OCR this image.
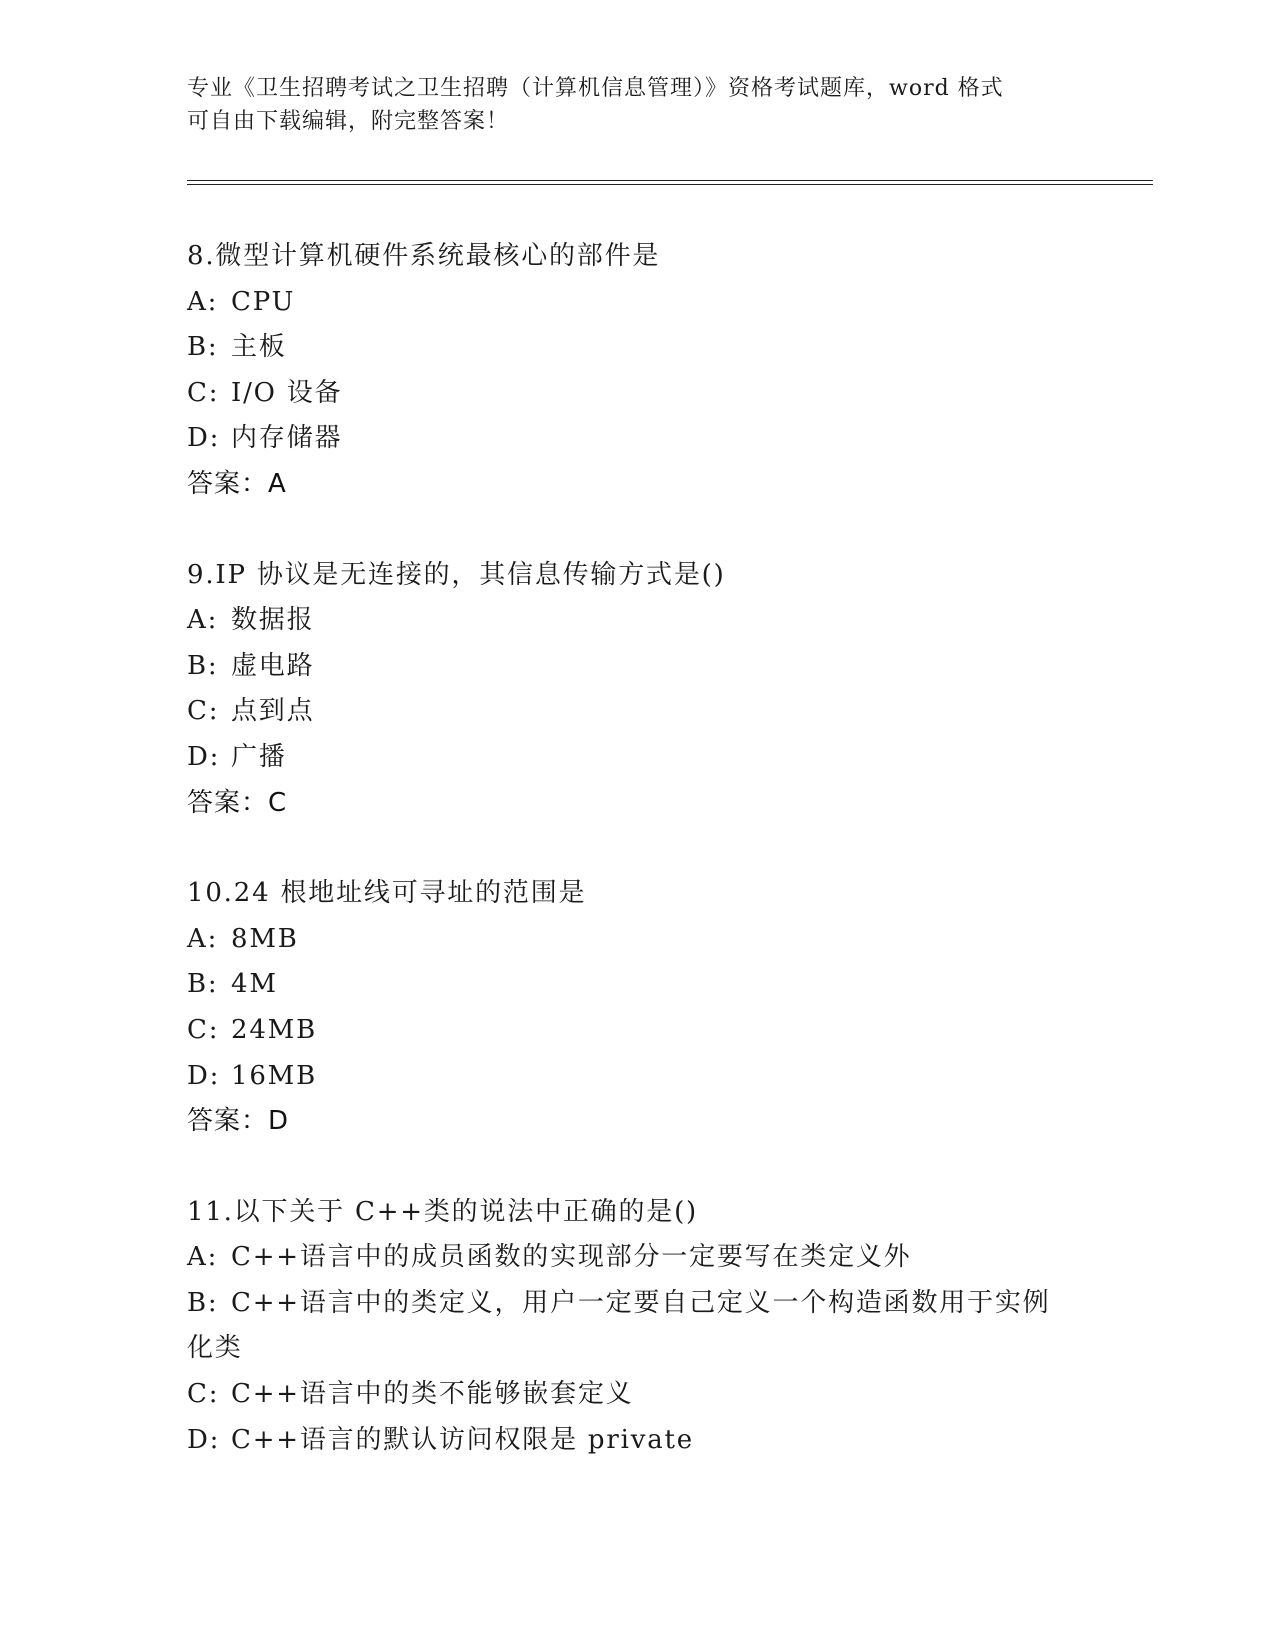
专业《卫生招聘考试之卫生招聘（计算机信息管理）》资格考试题库，word 格式
可自由下载编辑，附完整答案！
8.微型计算机硬件系统最核心的部件是
A: CPU
B: 主板
C: I/O 设备
D: 内存储器
答案：A
9.IP 协议是无连接的，其信息传输方式是()
A: 数据报
B: 虚电路
C: 点到点
D: 广播
答案：C
10.24 根地址线可寻址的范围是
A: 8MB
B: 4M
C: 24MB
D: 16MB
答案：D
11.以下关于 C++类的说法中正确的是()
A: C++语言中的成员函数的实现部分一定要写在类定义外
B: C++语言中的类定义，用户一定要自己定义一个构造函数用于实例化类
C: C++语言中的类不能够嵌套定义
D: C++语言的默认访问权限是 private
